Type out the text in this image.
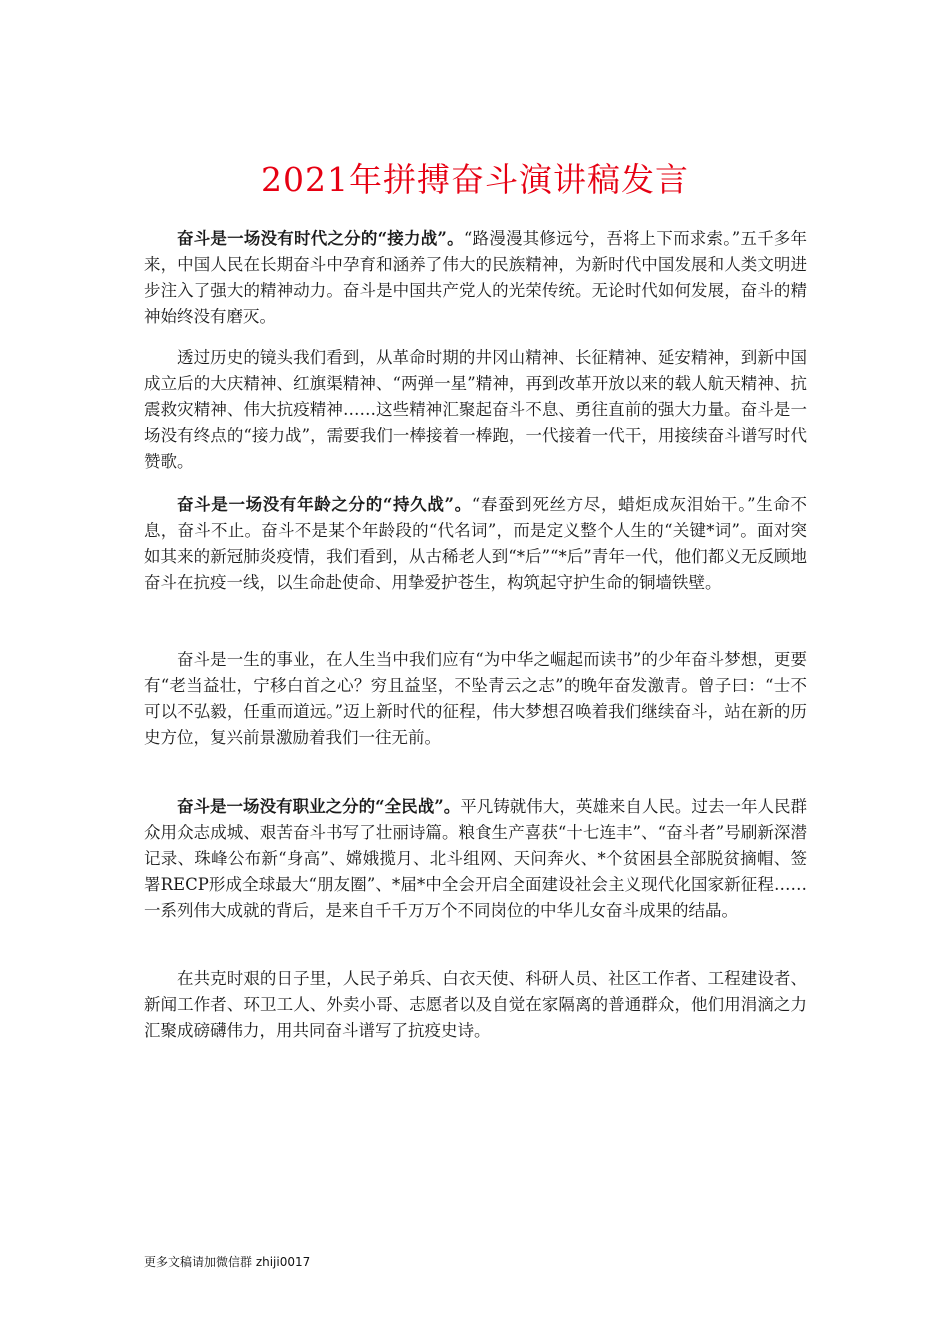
2021年拼搏奋斗演讲稿发言

奋斗是一场没有时代之分的“接力战”。“路漫漫其修远兮，吾将上下而求索。”五千多年来，中国人民在长期奋斗中孕育和涵养了伟大的民族精神，为新时代中国发展和人类文明进步注入了强大的精神动力。奋斗是中国共产党人的光荣传统。无论时代如何发展，奋斗的精神始终没有磨灭。

透过历史的镜头我们看到，从革命时期的井冈山精神、长征精神、延安精神，到新中国成立后的大庆精神、红旗渠精神、“两弹一星”精神，再到改革开放以来的载人航天精神、抗震救灾精神、伟大抗疫精神……这些精神汇聚起奋斗不息、勇往直前的强大力量。奋斗是一场没有终点的“接力战”，需要我们一棒接着一棒跑，一代接着一代干，用接续奋斗谱写时代赞歌。

奋斗是一场没有年龄之分的“持久战”。“春蚕到死丝方尽，蜡炬成灰泪始干。”生命不息，奋斗不止。奋斗不是某个年龄段的“代名词”，而是定义整个人生的“关键*词”。面对突如其来的新冠肺炎疫情，我们看到，从古稀老人到“*后”“*后”青年一代，他们都义无反顾地奋斗在抗疫一线，以生命赴使命、用挚爱护苍生，构筑起守护生命的铜墙铁壁。

奋斗是一生的事业，在人生当中我们应有“为中华之崛起而读书”的少年奋斗梦想，更要有“老当益壮，宁移白首之心？穷且益坚，不坠青云之志”的晚年奋发激青。曾子曰：“士不可以不弘毅，任重而道远。”迈上新时代的征程，伟大梦想召唤着我们继续奋斗，站在新的历史方位，复兴前景激励着我们一往无前。

奋斗是一场没有职业之分的“全民战”。平凡铸就伟大，英雄来自人民。过去一年人民群众用众志成城、艰苦奋斗书写了壮丽诗篇。粮食生产喜获“十七连丰”、“奋斗者”号刷新深潜记录、珠峰公布新“身高”、嫦娥揽月、北斗组网、天问奔火、*个贫困县全部脱贫摘帽、签署RECP形成全球最大“朋友圈”、*届*中全会开启全面建设社会主义现代化国家新征程……一系列伟大成就的背后，是来自千千万万个不同岗位的中华儿女奋斗成果的结晶。

在共克时艰的日子里，人民子弟兵、白衣天使、科研人员、社区工作者、工程建设者、新闻工作者、环卫工人、外卖小哥、志愿者以及自觉在家隔离的普通群众，他们用涓滴之力汇聚成磅礴伟力，用共同奋斗谱写了抗疫史诗。

更多文稿请加微信群 zhiji0017
